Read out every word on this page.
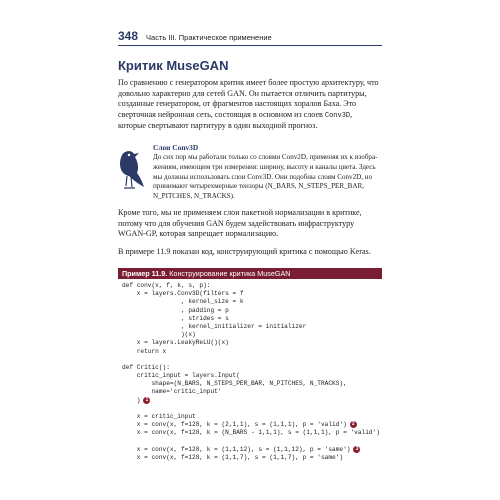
348 Часть III. Практическое применение
Критик MuseGAN

По сравнению с генератором критик имеет более простую архитектуру, что довольно характерно для сетей GAN. Он пытается отличить партитуры, созданные генератором, от фрагментов настоящих хоралов Баха. Это сверточная нейронная сеть, состоящая в основном из слоев Conv3D, которые свертывают партитуру в один выходной прогноз.

Слои Conv3D

До сих пор мы работали только со слоями Conv2D, применяя их к изображениям, имеющим три измерения: ширину, высоту и каналы цвета. Здесь мы должны использовать слои Conv3D. Они подобны слоям Conv2D, но принимают четырехмерные тензоры (N_BARS, N_STEPS_PER_BAR, N_PITCHES, N_TRACKS).

Кроме того, мы не применяем слои пакетной нормализации в критике, потому что для обучения GAN будем задействовать инфраструктуру WGAN-GP, которая запрещает нормализацию.

В примере 11.9 показан код, конструирующий критика с помощью Keras.

Пример 11.9. Конструирование критика MuseGAN
def conv(x, f, k, s, p):
x = layers.Conv3D(filters = f
, kernel_size = k
, padding = p
, strides = s
, kernel_initializer = initializer
)(x)
x = layers.LeakyReLU()(x)
return x
def Critic():
critic_input = layers.Input(
shape=(N_BARS, N_STEPS_PER_BAR, N_PITCHES, N_TRACKS),
name='critic_input'
) 1
x = critic_input
x = conv(x, f=128, k = (2,1,1), s = (1,1,1), p = 'valid') 2
x = conv(x, f=128, k = (N_BARS - 1,1,1), s = (1,1,1), p = 'valid')
x = conv(x, f=128, k = (1,1,12), s = (1,1,12), p = 'same') 3
x = conv(x, f=128, k = (1,1,7), s = (1,1,7), p = 'same')
